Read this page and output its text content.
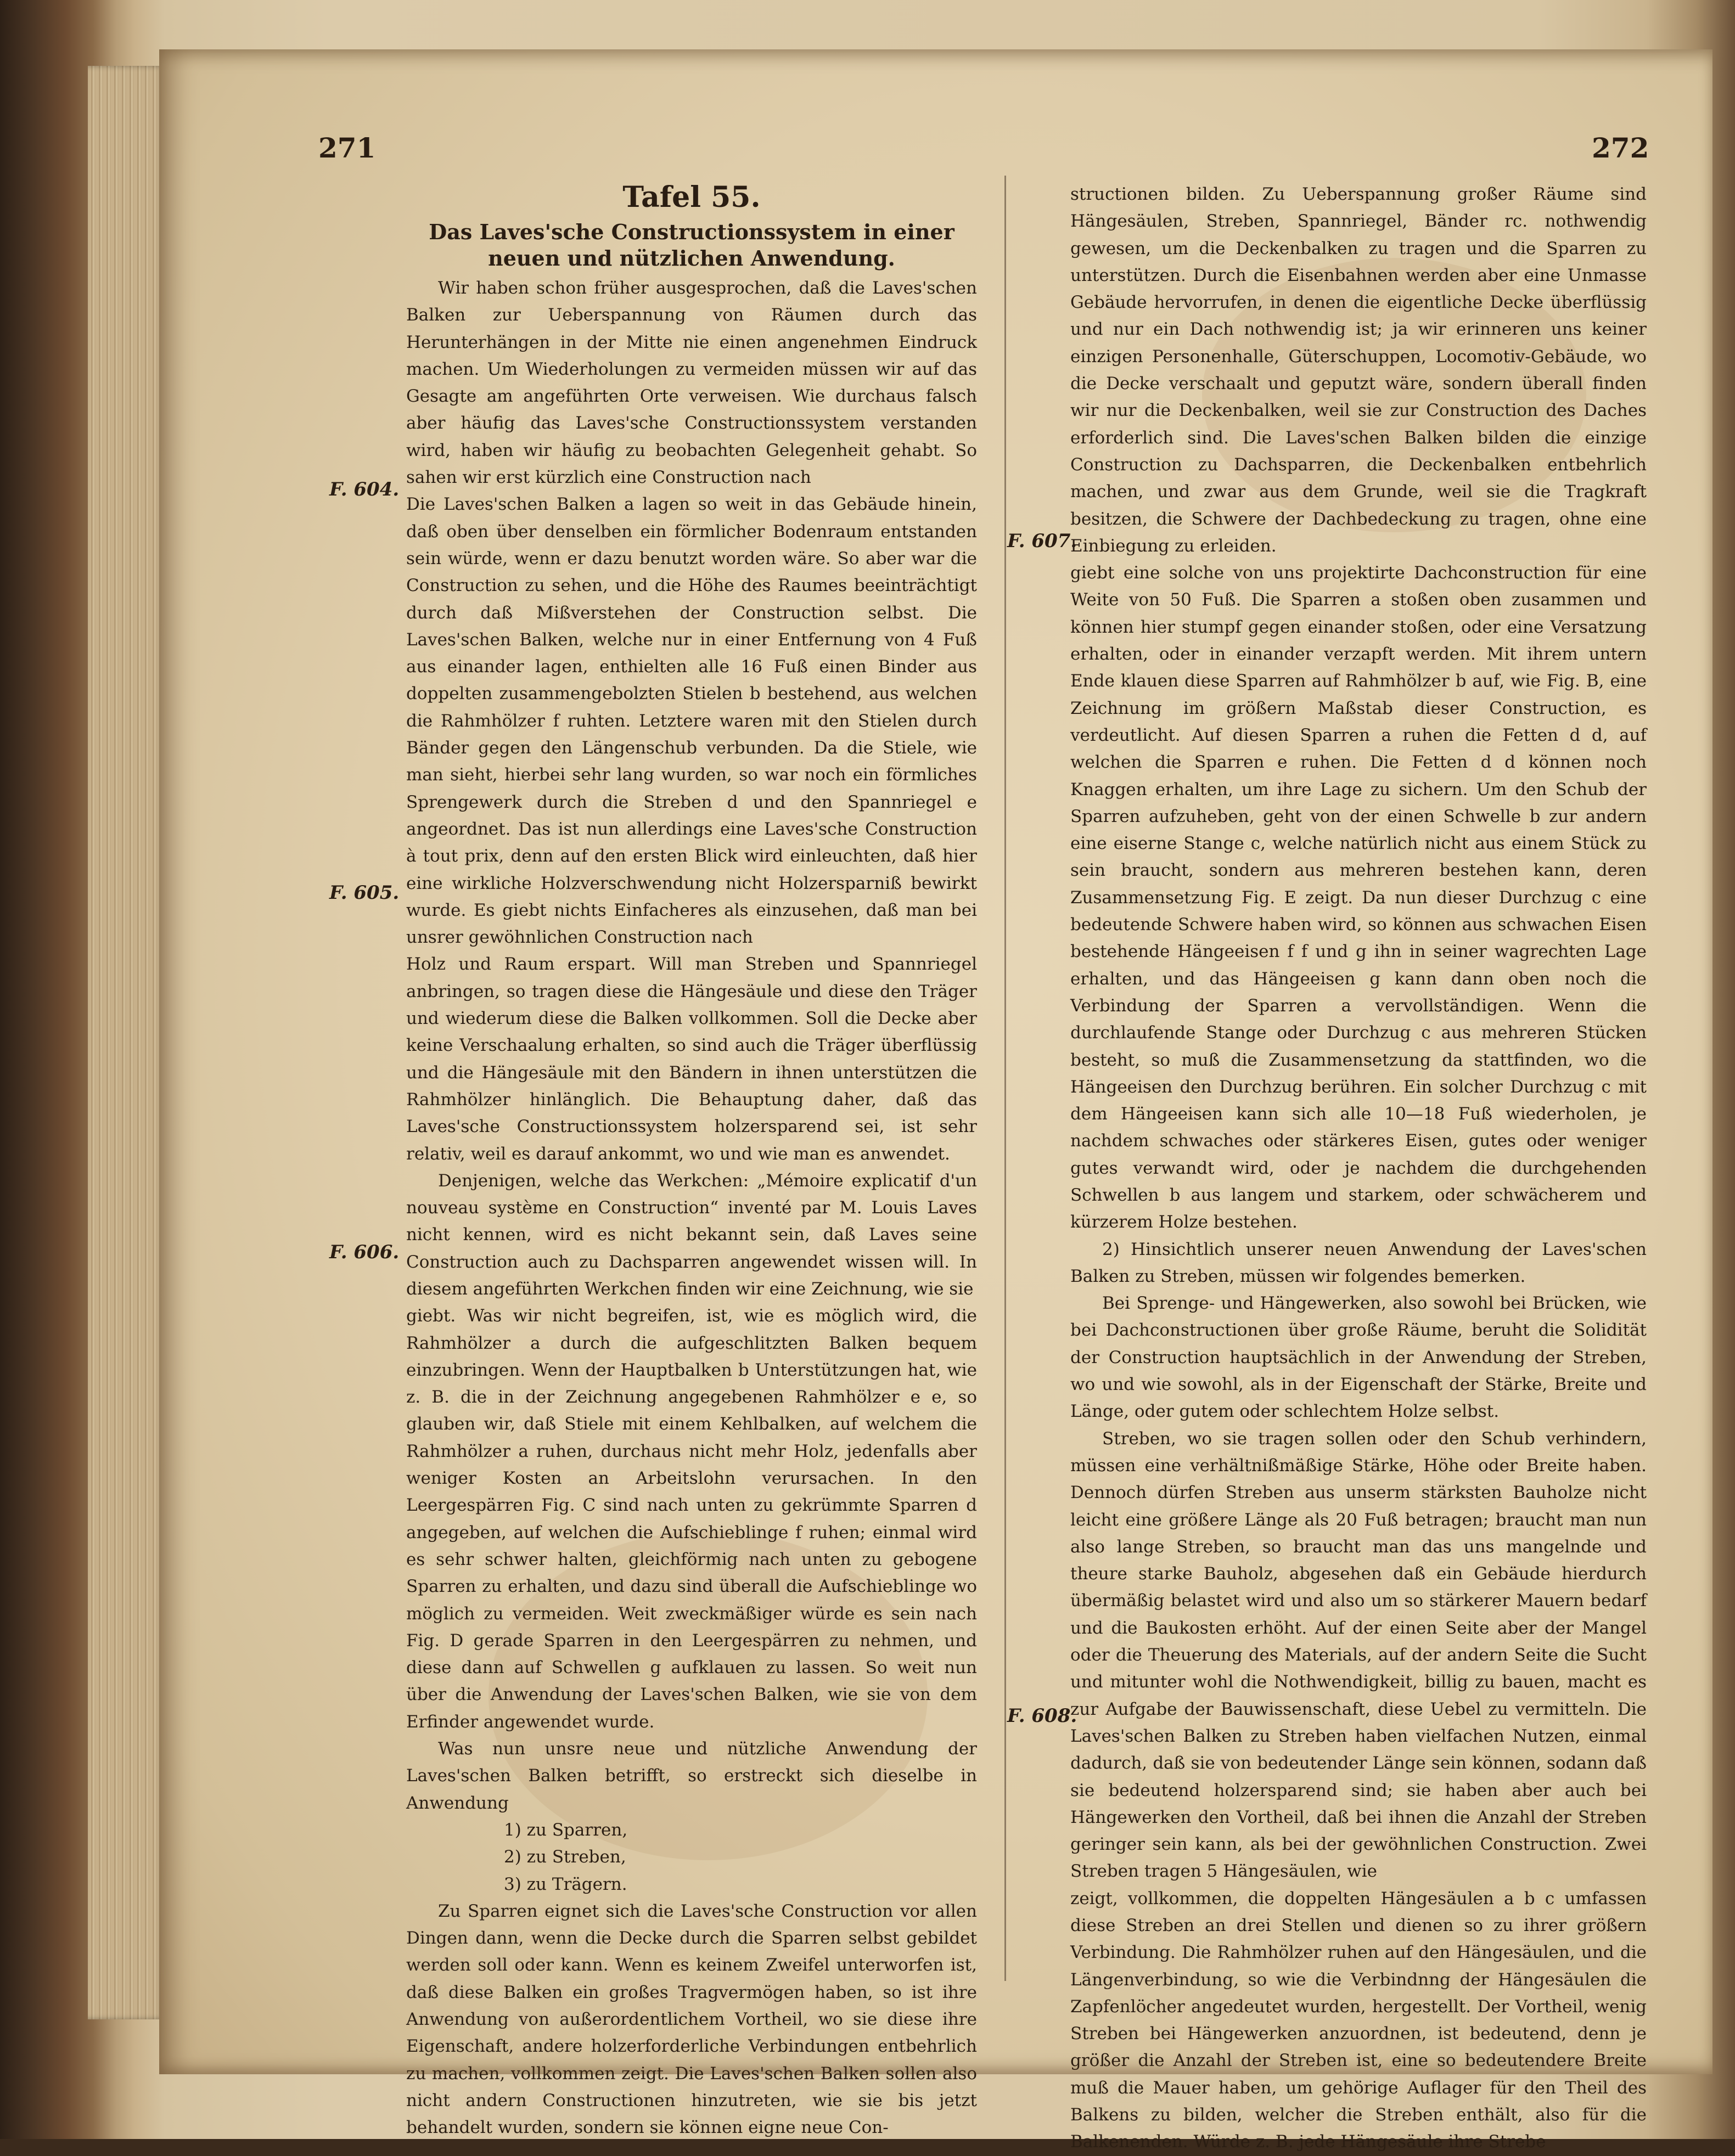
271	272
F. 604.
F. 605.
F. 606.
F. 607.
F. 608.

Tafel 55.

Das Laves'sche Constructionssystem in einer neuen und nützlichen Anwendung.

Wir haben schon früher ausgesprochen, daß die Laves'schen Balken zur Ueberspannung von Räumen durch das Herunterhängen in der Mitte nie einen angenehmen Eindruck machen. Um Wiederholungen zu vermeiden müssen wir auf das Gesagte am angeführten Orte verweisen. Wie durchaus falsch aber häufig das Laves'sche Constructionssystem verstanden wird, haben wir häufig zu beobachten Gelegenheit gehabt. So sahen wir erst kürzlich eine Construction nach

Die Laves'schen Balken a lagen so weit in das Gebäude hinein, daß oben über denselben ein förmlicher Bodenraum entstanden sein würde, wenn er dazu benutzt worden wäre. So aber war die Construction zu sehen, und die Höhe des Raumes beeinträchtigt durch daß Mißverstehen der Construction selbst. Die Laves'schen Balken, welche nur in einer Entfernung von 4 Fuß aus einander lagen, enthielten alle 16 Fuß einen Binder aus doppelten zusammengebolzten Stielen b bestehend, aus welchen die Rahmhölzer f ruhten. Letztere waren mit den Stielen durch Bänder gegen den Längenschub verbunden. Da die Stiele, wie man sieht, hierbei sehr lang wurden, so war noch ein förmliches Sprengewerk durch die Streben d und den Spannriegel e angeordnet. Das ist nun allerdings eine Laves'sche Construction à tout prix, denn auf den ersten Blick wird einleuchten, daß hier eine wirkliche Holzverschwendung nicht Holzersparniß bewirkt wurde. Es giebt nichts Einfacheres als einzusehen, daß man bei unsrer gewöhnlichen Construction nach

Holz und Raum erspart. Will man Streben und Spannriegel anbringen, so tragen diese die Hängesäule und diese den Träger und wiederum diese die Balken vollkommen. Soll die Decke aber keine Verschaalung erhalten, so sind auch die Träger überflüssig und die Hängesäule mit den Bändern in ihnen unterstützen die Rahmhölzer hinlänglich. Die Behauptung daher, daß das Laves'sche Constructionssystem holzersparend sei, ist sehr relativ, weil es darauf ankommt, wo und wie man es anwendet.

Denjenigen, welche das Werkchen: „Mémoire explicatif d'un nouveau système en Construction“ inventé par M. Louis Laves nicht kennen, wird es nicht bekannt sein, daß Laves seine Construction auch zu Dachsparren angewendet wissen will. In diesem angeführten Werkchen finden wir eine Zeichnung, wie sie

giebt. Was wir nicht begreifen, ist, wie es möglich wird, die Rahmhölzer a durch die aufgeschlitzten Balken bequem einzubringen. Wenn der Hauptbalken b Unterstützungen hat, wie z. B. die in der Zeichnung angegebenen Rahmhölzer e e, so glauben wir, daß Stiele mit einem Kehlbalken, auf welchem die Rahmhölzer a ruhen, durchaus nicht mehr Holz, jedenfalls aber weniger Kosten an Arbeitslohn verursachen. In den Leergespärren Fig. C sind nach unten zu gekrümmte Sparren d angegeben, auf welchen die Aufschieblinge f ruhen; einmal wird es sehr schwer halten, gleichförmig nach unten zu gebogene Sparren zu erhalten, und dazu sind überall die Aufschieblinge wo möglich zu vermeiden. Weit zweckmäßiger würde es sein nach Fig. D gerade Sparren in den Leergespärren zu nehmen, und diese dann auf Schwellen g aufklauen zu lassen. So weit nun über die Anwendung der Laves'schen Balken, wie sie von dem Erfinder angewendet wurde.

Was nun unsre neue und nützliche Anwendung der Laves'schen Balken betrifft, so erstreckt sich dieselbe in Anwendung

1) zu Sparren,

2) zu Streben,

3) zu Trägern.

Zu Sparren eignet sich die Laves'sche Construction vor allen Dingen dann, wenn die Decke durch die Sparren selbst gebildet werden soll oder kann. Wenn es keinem Zweifel unterworfen ist, daß diese Balken ein großes Tragvermögen haben, so ist ihre Anwendung von außerordentlichem Vortheil, wo sie diese ihre Eigenschaft, andere holzerforderliche Verbindungen entbehrlich zu machen, vollkommen zeigt. Die Laves'schen Balken sollen also nicht andern Constructionen hinzutreten, wie sie bis jetzt behandelt wurden, sondern sie können eigne neue Con-

structionen bilden. Zu Ueberspannung großer Räume sind Hängesäulen, Streben, Spannriegel, Bänder rc. nothwendig gewesen, um die Deckenbalken zu tragen und die Sparren zu unterstützen. Durch die Eisenbahnen werden aber eine Unmasse Gebäude hervorrufen, in denen die eigentliche Decke überflüssig und nur ein Dach nothwendig ist; ja wir erinneren uns keiner einzigen Personenhalle, Güterschuppen, Locomotiv-Gebäude, wo die Decke verschaalt und geputzt wäre, sondern überall finden wir nur die Deckenbalken, weil sie zur Construction des Daches erforderlich sind. Die Laves'schen Balken bilden die einzige Construction zu Dachsparren, die Deckenbalken entbehrlich machen, und zwar aus dem Grunde, weil sie die Tragkraft besitzen, die Schwere der Dachbedeckung zu tragen, ohne eine Einbiegung zu erleiden.

giebt eine solche von uns projektirte Dachconstruction für eine Weite von 50 Fuß. Die Sparren a stoßen oben zusammen und können hier stumpf gegen einander stoßen, oder eine Versatzung erhalten, oder in einander verzapft werden. Mit ihrem untern Ende klauen diese Sparren auf Rahmhölzer b auf, wie Fig. B, eine Zeichnung im größern Maßstab dieser Construction, es verdeutlicht. Auf diesen Sparren a ruhen die Fetten d d, auf welchen die Sparren e ruhen. Die Fetten d d können noch Knaggen erhalten, um ihre Lage zu sichern. Um den Schub der Sparren aufzuheben, geht von der einen Schwelle b zur andern eine eiserne Stange c, welche natürlich nicht aus einem Stück zu sein braucht, sondern aus mehreren bestehen kann, deren Zusammensetzung Fig. E zeigt. Da nun dieser Durchzug c eine bedeutende Schwere haben wird, so können aus schwachen Eisen bestehende Hängeeisen f f und g ihn in seiner wagrechten Lage erhalten, und das Hängeeisen g kann dann oben noch die Verbindung der Sparren a vervollständigen. Wenn die durchlaufende Stange oder Durchzug c aus mehreren Stücken besteht, so muß die Zusammensetzung da stattfinden, wo die Hängeeisen den Durchzug berühren. Ein solcher Durchzug c mit dem Hängeeisen kann sich alle 10—18 Fuß wiederholen, je nachdem schwaches oder stärkeres Eisen, gutes oder weniger gutes verwandt wird, oder je nachdem die durchgehenden Schwellen b aus langem und starkem, oder schwächerem und kürzerem Holze bestehen.

2) Hinsichtlich unserer neuen Anwendung der Laves'schen Balken zu Streben, müssen wir folgendes bemerken.

Bei Sprenge- und Hängewerken, also sowohl bei Brücken, wie bei Dachconstructionen über große Räume, beruht die Solidität der Construction hauptsächlich in der Anwendung der Streben, wo und wie sowohl, als in der Eigenschaft der Stärke, Breite und Länge, oder gutem oder schlechtem Holze selbst.

Streben, wo sie tragen sollen oder den Schub verhindern, müssen eine verhältnißmäßige Stärke, Höhe oder Breite haben. Dennoch dürfen Streben aus unserm stärksten Bauholze nicht leicht eine größere Länge als 20 Fuß betragen; braucht man nun also lange Streben, so braucht man das uns mangelnde und theure starke Bauholz, abgesehen daß ein Gebäude hierdurch übermäßig belastet wird und also um so stärkerer Mauern bedarf und die Baukosten erhöht. Auf der einen Seite aber der Mangel oder die Theuerung des Materials, auf der andern Seite die Sucht und mitunter wohl die Nothwendigkeit, billig zu bauen, macht es zur Aufgabe der Bauwissenschaft, diese Uebel zu vermitteln. Die Laves'schen Balken zu Streben haben vielfachen Nutzen, einmal dadurch, daß sie von bedeutender Länge sein können, sodann daß sie bedeutend holzersparend sind; sie haben aber auch bei Hängewerken den Vortheil, daß bei ihnen die Anzahl der Streben geringer sein kann, als bei der gewöhnlichen Construction. Zwei Streben tragen 5 Hängesäulen, wie

zeigt, vollkommen, die doppelten Hängesäulen a b c umfassen diese Streben an drei Stellen und dienen so zu ihrer größern Verbindung. Die Rahmhölzer ruhen auf den Hängesäulen, und die Längenverbindung, so wie die Verbindnng der Hängesäulen die Zapfenlöcher angedeutet wurden, hergestellt. Der Vortheil, wenig Streben bei Hängewerken anzuordnen, ist bedeutend, denn je größer die Anzahl der Streben ist, eine so bedeutendere Breite muß die Mauer haben, um gehörige Auflager für den Theil des Balkens zu bilden, welcher die Streben enthält, also für die Balkenenden. Würde z. B. jede Hängesäule ihre Strebe
